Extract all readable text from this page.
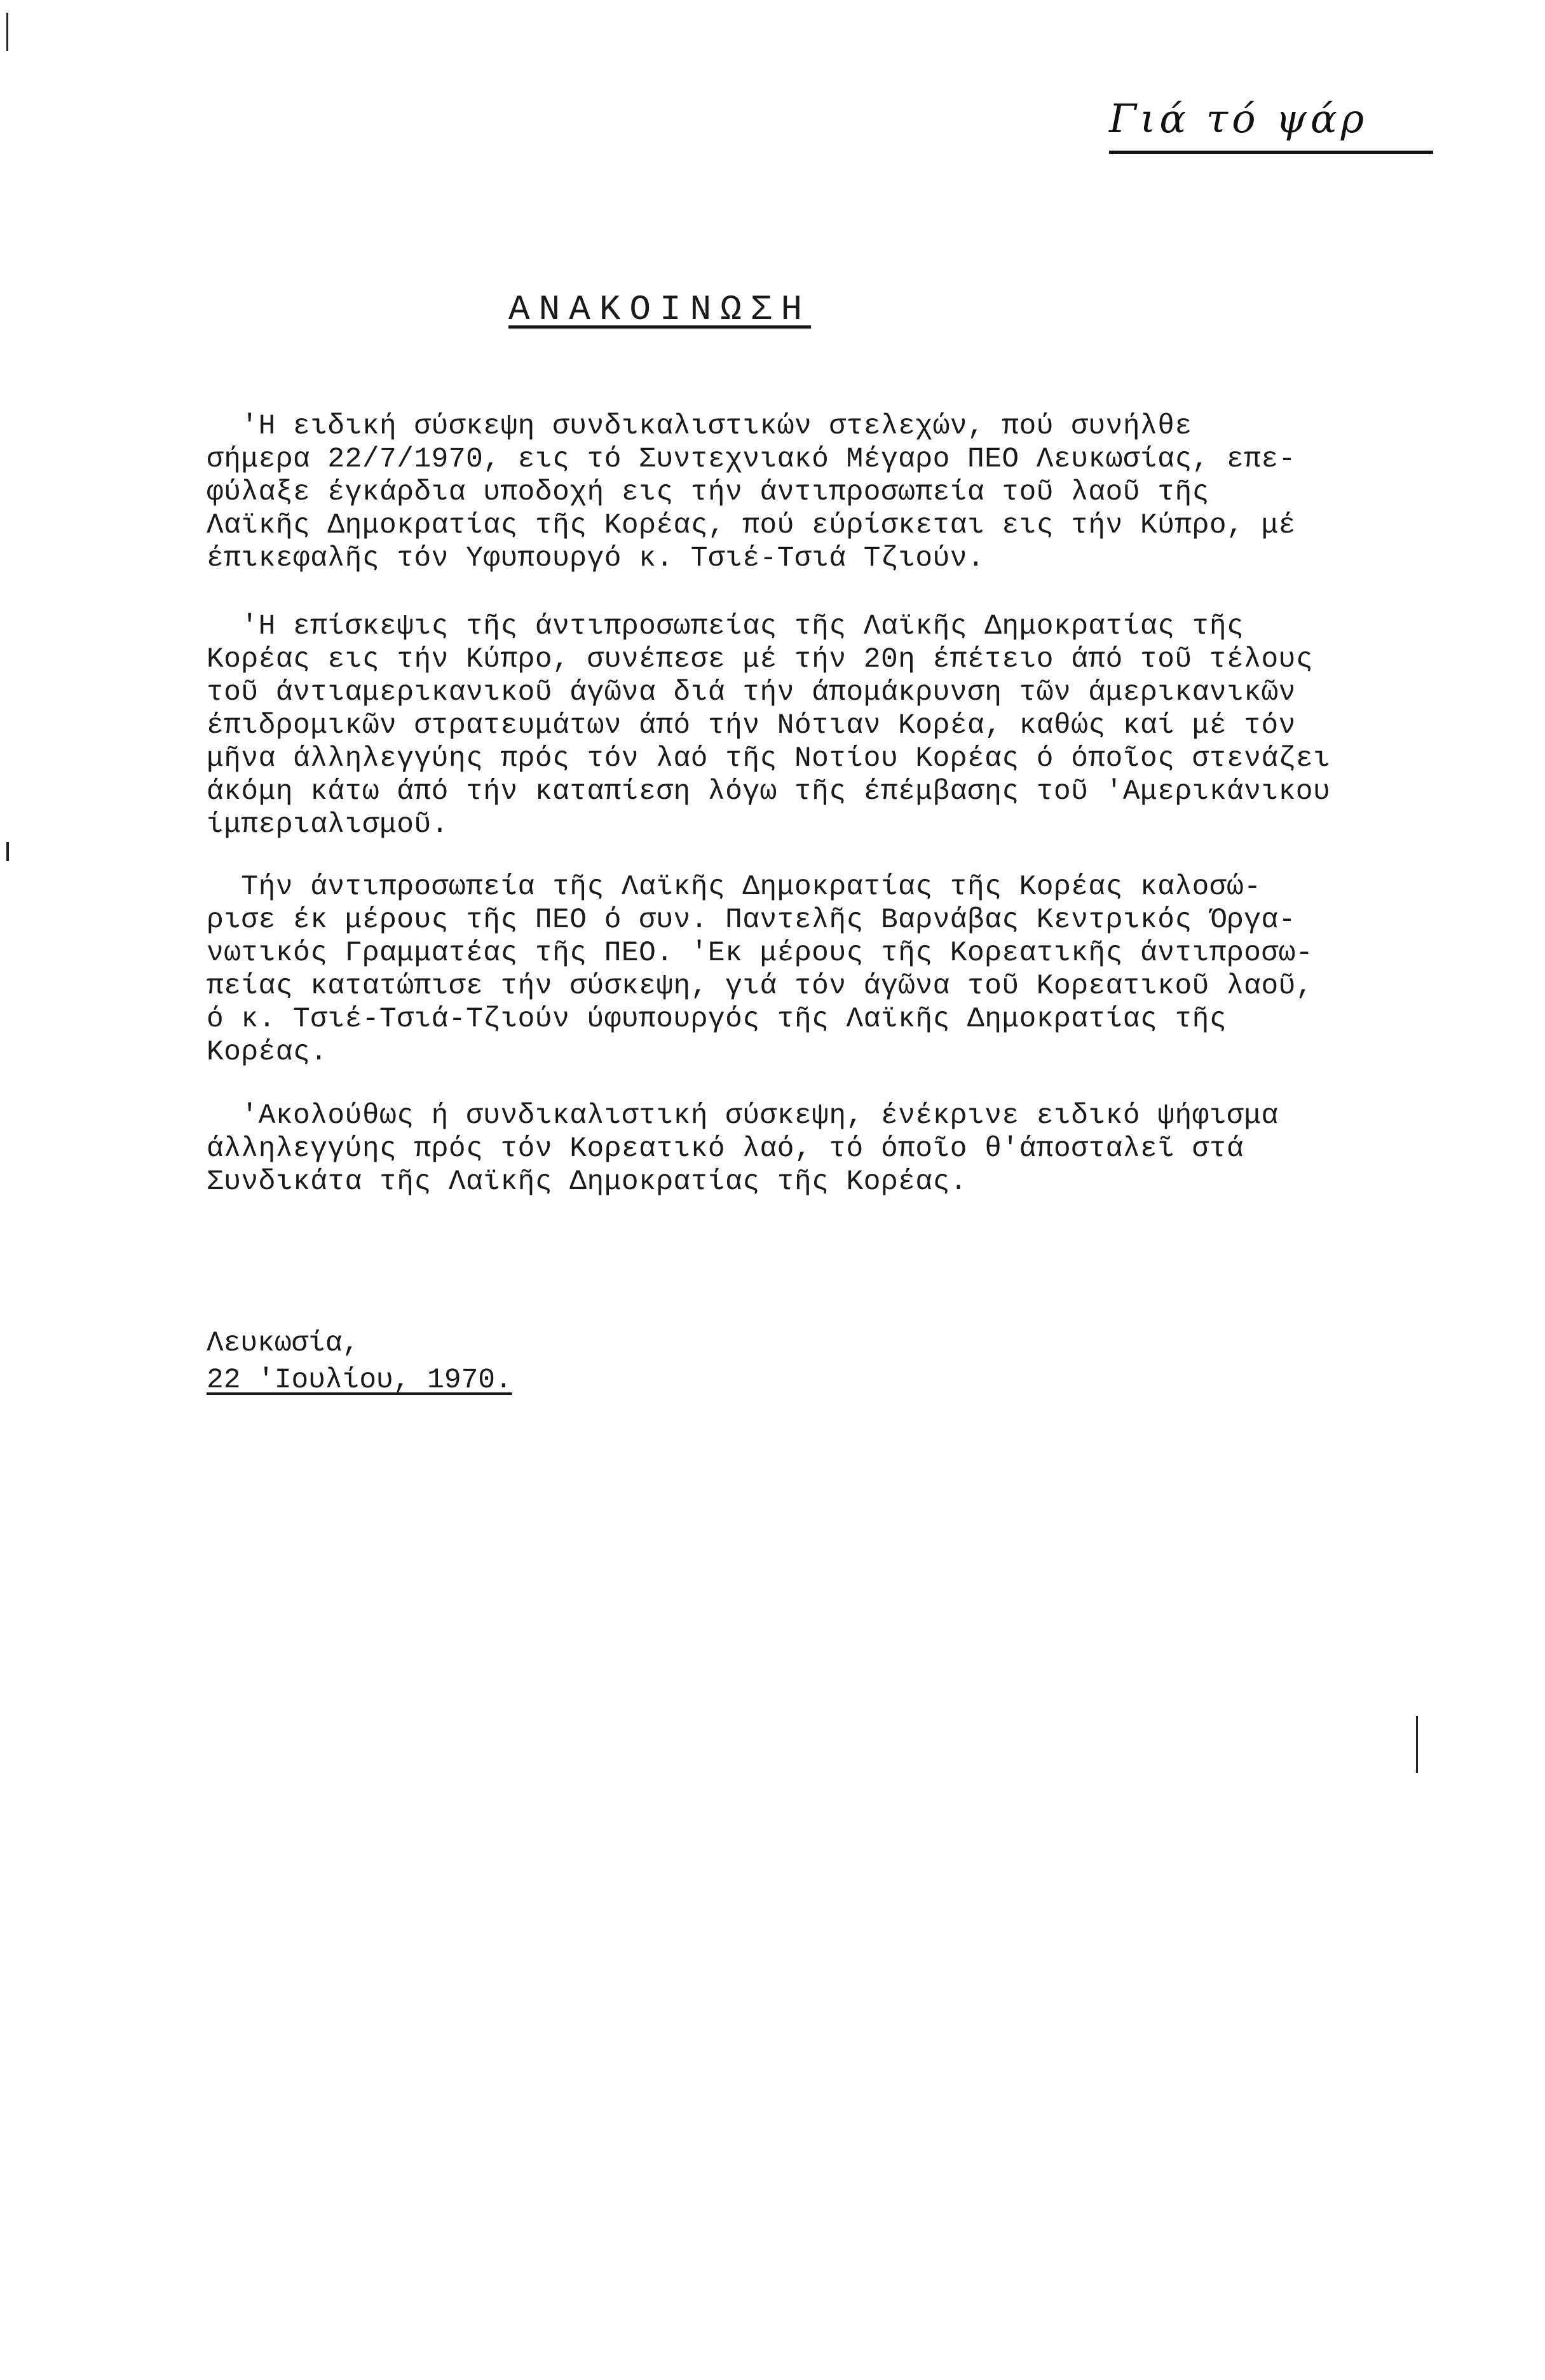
Γιά τό ψάρ
ΑΝΑΚΟΙΝΩΣΗ
'Η ειδική σύσκεψη συνδικαλιστικών στελεχών, πού συνήλθε
σήμερα 22/7/1970, εις τό Συντεχνιακό Μέγαρο ΠΕΟ Λευκωσίας, επε-
φύλαξε έγκάρδια υποδοχή εις τήν άντιπροσωπεία τοῦ λαοῦ τῆς
Λαϊκῆς Δημοκρατίας τῆς Κορέας, πού εύρίσκεται εις τήν Κύπρο, μέ
έπικεφαλῆς τόν Υφυπουργό κ. Τσιέ-Τσιά Τζιούν.
'Η επίσκεψις τῆς άντιπροσωπείας τῆς Λαϊκῆς Δημοκρατίας τῆς
Κορέας εις τήν Κύπρο, συνέπεσε μέ τήν 20η έπέτειο άπό τοῦ τέλους
τοῦ άντιαμερικανικοῦ άγῶνα διά τήν άπομάκρυνση τῶν άμερικανικῶν
έπιδρομικῶν στρατευμάτων άπό τήν Νότιαν Κορέα, καθώς καί μέ τόν
μῆνα άλληλεγγύης πρός τόν λαό τῆς Νοτίου Κορέας ό όποῖος στενάζει
άκόμη κάτω άπό τήν καταπίεση λόγω τῆς έπέμβασης τοῦ 'Αμερικάνικου
ίμπεριαλισμοῦ.
Τήν άντιπροσωπεία τῆς Λαϊκῆς Δημοκρατίας τῆς Κορέας καλοσώ-
ρισε έκ μέρους τῆς ΠΕΟ ό συν. Παντελῆς Βαρνάβας Κεντρικός Όργα-
νωτικός Γραμματέας τῆς ΠΕΟ. 'Εκ μέρους τῆς Κορεατικῆς άντιπροσω-
πείας κατατώπισε τήν σύσκεψη, γιά τόν άγῶνα τοῦ Κορεατικοῦ λαοῦ,
ό κ. Τσιέ-Τσιά-Τζιούν ύφυπουργός τῆς Λαϊκῆς Δημοκρατίας τῆς
Κορέας.
'Ακολούθως ή συνδικαλιστική σύσκεψη, ένέκρινε ειδικό ψήφισμα
άλληλεγγύης πρός τόν Κορεατικό λαό, τό όποῖο θ'άποσταλεῖ στά
Συνδικάτα τῆς Λαϊκῆς Δημοκρατίας τῆς Κορέας.
Λευκωσία,
22 'Ιουλίου, 1970.
